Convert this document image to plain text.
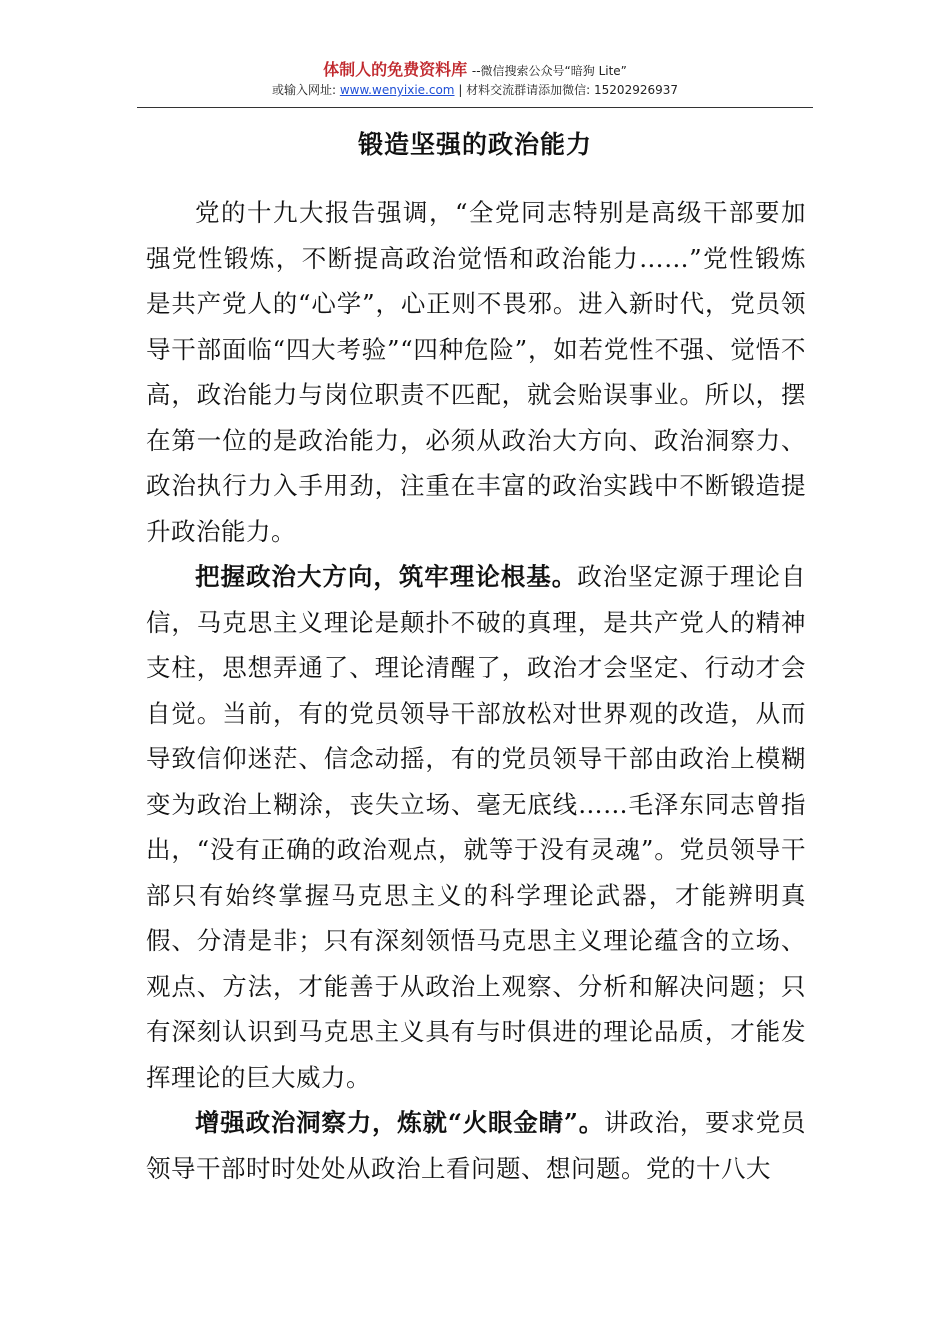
体制人的免费资料库 --微信搜索公众号“暗狗 Lite”
或输入网址: www.wenyixie.com | 材料交流群请添加微信: 15202926937
锻造坚强的政治能力

党的十九大报告强调，“全党同志特别是高级干部要加强党性锻炼，不断提高政治觉悟和政治能力……”党性锻炼是共产党人的“心学”，心正则不畏邪。进入新时代，党员领导干部面临“四大考验”“四种危险”，如若党性不强、觉悟不高，政治能力与岗位职责不匹配，就会贻误事业。所以，摆在第一位的是政治能力，必须从政治大方向、政治洞察力、政治执行力入手用劲，注重在丰富的政治实践中不断锻造提升政治能力。

把握政治大方向，筑牢理论根基。政治坚定源于理论自信，马克思主义理论是颠扑不破的真理，是共产党人的精神支柱，思想弄通了、理论清醒了，政治才会坚定、行动才会自觉。当前，有的党员领导干部放松对世界观的改造，从而导致信仰迷茫、信念动摇，有的党员领导干部由政治上模糊变为政治上糊涂，丧失立场、毫无底线……毛泽东同志曾指出，“没有正确的政治观点，就等于没有灵魂”。党员领导干部只有始终掌握马克思主义的科学理论武器，才能辨明真假、分清是非；只有深刻领悟马克思主义理论蕴含的立场、观点、方法，才能善于从政治上观察、分析和解决问题；只有深刻认识到马克思主义具有与时俱进的理论品质，才能发挥理论的巨大威力。

增强政治洞察力，炼就“火眼金睛”。讲政治，要求党员领导干部时时处处从政治上看问题、想问题。党的十八大
